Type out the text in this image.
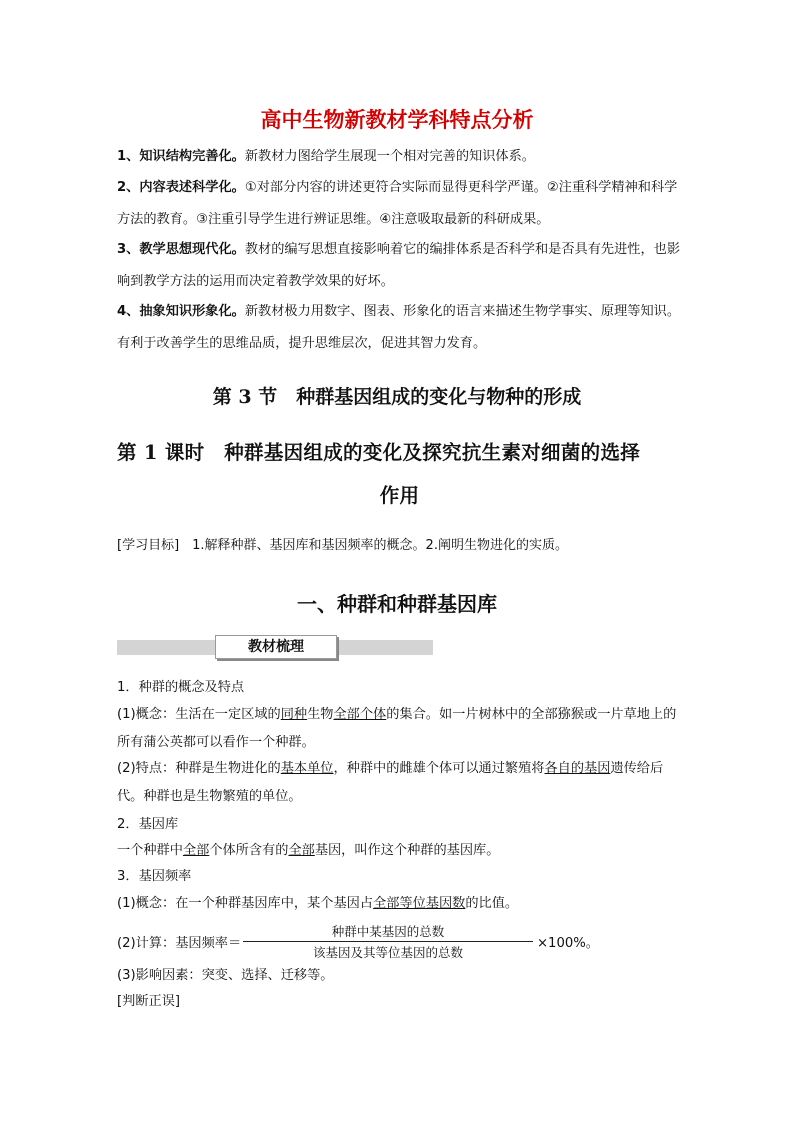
高中生物新教材学科特点分析
1、知识结构完善化。新教材力图给学生展现一个相对完善的知识体系。
2、内容表述科学化。①对部分内容的讲述更符合实际而显得更科学严谨。②注重科学精神和科学方法的教育。③注重引导学生进行辨证思维。④注意吸取最新的科研成果。
3、教学思想现代化。教材的编写思想直接影响着它的编排体系是否科学和是否具有先进性，也影响到教学方法的运用而决定着教学效果的好坏。
4、抽象知识形象化。新教材极力用数字、图表、形象化的语言来描述生物学事实、原理等知识。有利于改善学生的思维品质，提升思维层次，促进其智力发育。
第 3 节　种群基因组成的变化与物种的形成
第 1 课时　种群基因组成的变化及探究抗生素对细菌的选择
作用
[学习目标]　1.解释种群、基因库和基因频率的概念。2.阐明生物进化的实质。
一、种群和种群基因库
教材梳理
1．种群的概念及特点
(1)概念：生活在一定区域的同种生物全部个体的集合。如一片树林中的全部猕猴或一片草地上的所有蒲公英都可以看作一个种群。
(2)特点：种群是生物进化的基本单位，种群中的雌雄个体可以通过繁殖将各自的基因遗传给后代。种群也是生物繁殖的单位。
2．基因库
一个种群中全部个体所含有的全部基因，叫作这个种群的基因库。
3．基因频率
(1)概念：在一个种群基因库中，某个基因占全部等位基因数的比值。
(2)计算：基因频率＝
种群中某基因的总数
该基因及其等位基因的总数
×100%。
(3)影响因素：突变、选择、迁移等。
[判断正误]
